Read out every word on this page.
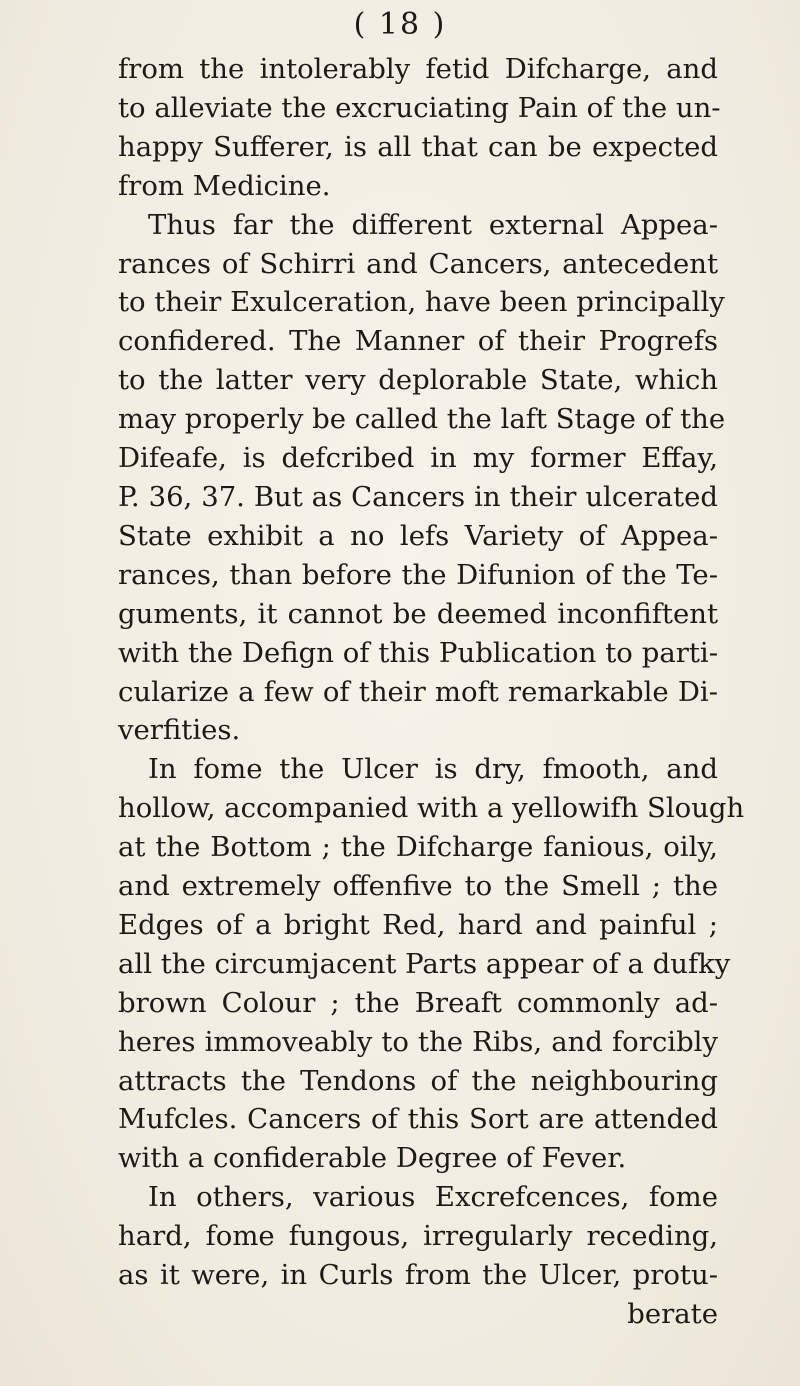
( 18 )
from the intolerably fetid Difcharge, and
to alleviate the excruciating Pain of the un-
happy Sufferer, is all that can be expected
from Medicine.
Thus far the different external Appea-
rances of Schirri and Cancers, antecedent
to their Exulceration, have been principally
confidered. The Manner of their Progrefs
to the latter very deplorable State, which
may properly be called the laft Stage of the
Difeafe, is defcribed in my former Effay,
P. 36, 37. But as Cancers in their ulcerated
State exhibit a no lefs Variety of Appea-
rances, than before the Difunion of the Te-
guments, it cannot be deemed inconfiftent
with the Defign of this Publication to parti-
cularize a few of their moft remarkable Di-
verfities.
In fome the Ulcer is dry, fmooth, and
hollow, accompanied with a yellowifh Slough
at the Bottom ; the Difcharge fanious, oily,
and extremely offenfive to the Smell ; the
Edges of a bright Red, hard and painful ;
all the circumjacent Parts appear of a dufky
brown Colour ; the Breaft commonly ad-
heres immoveably to the Ribs, and forcibly
attracts the Tendons of the neighbouring
Mufcles. Cancers of this Sort are attended
with a confiderable Degree of Fever.
In others, various Excrefcences, fome
hard, fome fungous, irregularly receding,
as it were, in Curls from the Ulcer, protu-
berate
